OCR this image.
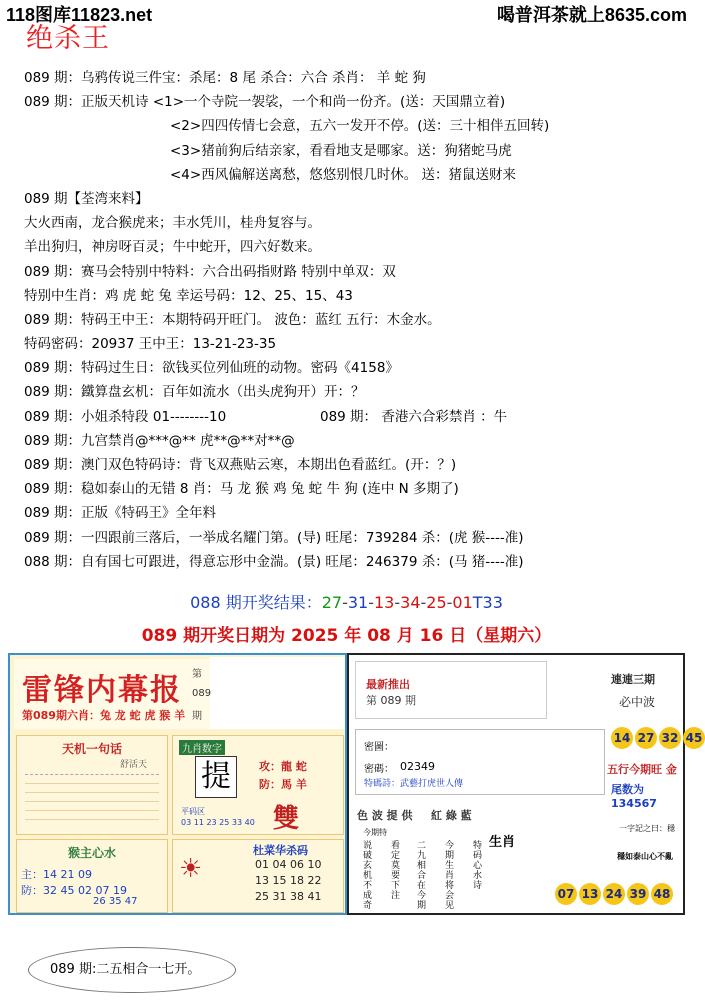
118图库11823.net	喝普洱茶就上8635.com
绝杀王
089 期：乌鸦传说三件宝：杀尾：8 尾 杀合：六合 杀肖： 羊 蛇 狗
089 期：正版天机诗 <1>一个寺院一袈裟，一个和尚一份齐。(送：天国鼎立着)
<2>四四传情七会意，五六一发开不停。(送：三十相伴五回转)
<3>猪前狗后结亲家，看看地支是哪家。送：狗猪蛇马虎
<4>西风偏解送离愁，悠悠别恨几时休。 送：猪鼠送财来
089 期【荃湾来料】
大火西南，龙合猴虎来；丰水凭川，桂舟复容与。
羊出狗归，神房呀百灵；牛中蛇开，四六好数来。
089 期：赛马会特别中特料：六合出码指财路 特别中单双：双
特别中生肖：鸡 虎 蛇 兔 幸运号码：12、25、15、43
089 期：特码王中王：本期特码开旺门。 波色：蓝红 五行：木金水。
特码密码：20937 王中王：13-21-23-35
089 期：特码过生日：欲钱买位列仙班的动物。密码《4158》
089 期：鐵算盘玄机：百年如流水（出头虎狗开）开：？
089 期：小姐杀特段 01--------10	089 期： 香港六合彩禁肖 ：牛
089 期：九宫禁肖@***@** 虎**@**对**@
089 期：澳门双色特码诗：背飞双燕贴云寒，本期出色看蓝红。(开：？)
089 期：稳如泰山的无错 8 肖：马 龙 猴 鸡 兔 蛇 牛 狗 (连中 N 多期了)
089 期：正版《特码王》全年料
089 期：一四跟前三落后，一举成名耀门第。(导) 旺尾：739284 杀：(虎 猴----准)
088 期：自有国七可跟进，得意忘形中金湍。(景) 旺尾：246379 杀：(马 猪----准)
088 期开奖结果：27-31-13-34-25-01T33
089 期开奖日期为 2025 年 08 月 16 日（星期六）
雷锋内幕报
第089期六肖：兔 龙 蛇 虎 猴 羊
第
089
期
天机一句话
舒活天
九肖数字
提	攻：龍 蛇
防：馬 羊
平码区
03 11 23 25 33 40 雙
猴主心水
主：14 21 09
防：32 45 02 07 19
26 35 47
杜菜华杀码
☀	01 04 06 10
13 15 18 22
25 31 38 41
最新推出
第 089 期
連連三期
必中波
14 27 32 45
密圖：
密碼： 02349
特碼詩：武藝打虎世人傳
五行今期旺 金
尾数为 134567
色 波 提 供 紅 綠 藍
生肖
一字記之曰：穩
穩如泰山心不亂
今期特
说破玄机不成奇
看定莫要下注
二九相合在今期
今期生肖将会见
特码心水诗
07 13 24 39 48
089 期:二五相合一七开。
